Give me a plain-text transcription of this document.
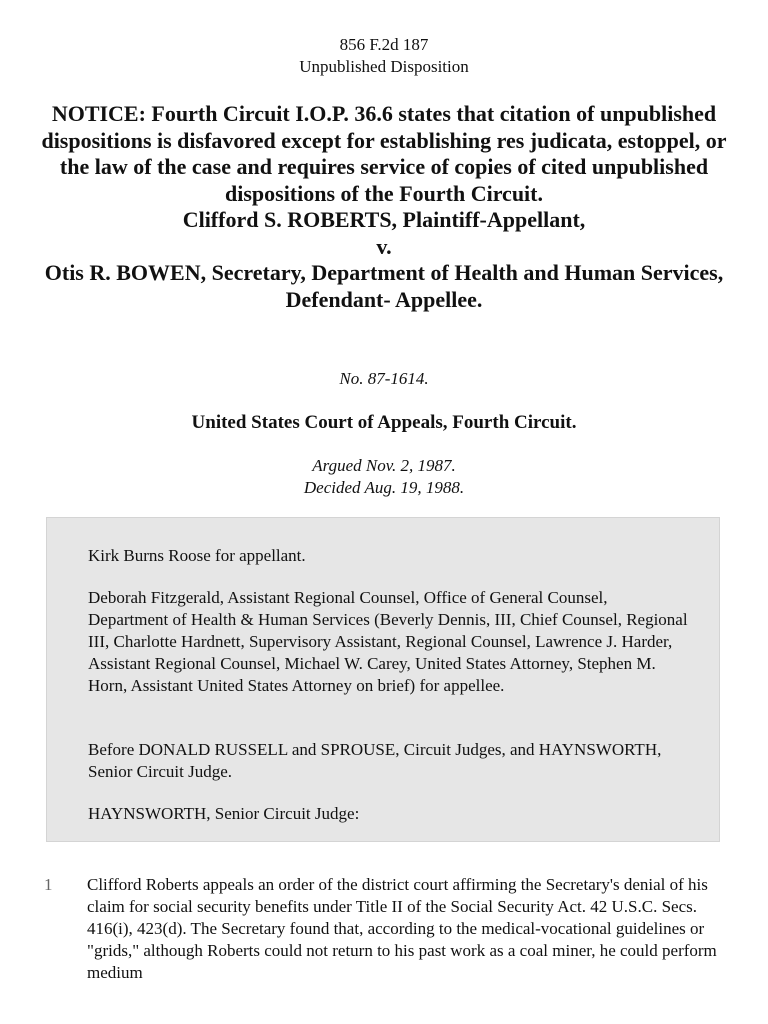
856 F.2d 187
Unpublished Disposition
NOTICE: Fourth Circuit I.O.P. 36.6 states that citation of unpublished dispositions is disfavored except for establishing res judicata, estoppel, or the law of the case and requires service of copies of cited unpublished dispositions of the Fourth Circuit.
Clifford S. ROBERTS, Plaintiff-Appellant,
v.
Otis R. BOWEN, Secretary, Department of Health and Human Services, Defendant- Appellee.
No. 87-1614.
United States Court of Appeals, Fourth Circuit.
Argued Nov. 2, 1987.
Decided Aug. 19, 1988.

Kirk Burns Roose for appellant.

Deborah Fitzgerald, Assistant Regional Counsel, Office of General Counsel, Department of Health & Human Services (Beverly Dennis, III, Chief Counsel, Regional III, Charlotte Hardnett, Supervisory Assistant, Regional Counsel, Lawrence J. Harder, Assistant Regional Counsel, Michael W. Carey, United States Attorney, Stephen M. Horn, Assistant United States Attorney on brief) for appellee.

Before DONALD RUSSELL and SPROUSE, Circuit Judges, and HAYNSWORTH, Senior Circuit Judge.

HAYNSWORTH, Senior Circuit Judge:

1 Clifford Roberts appeals an order of the district court affirming the Secretary's denial of his claim for social security benefits under Title II of the Social Security Act. 42 U.S.C. Secs. 416(i), 423(d). The Secretary found that, according to the medical-vocational guidelines or "grids," although Roberts could not return to his past work as a coal miner, he could perform medium
